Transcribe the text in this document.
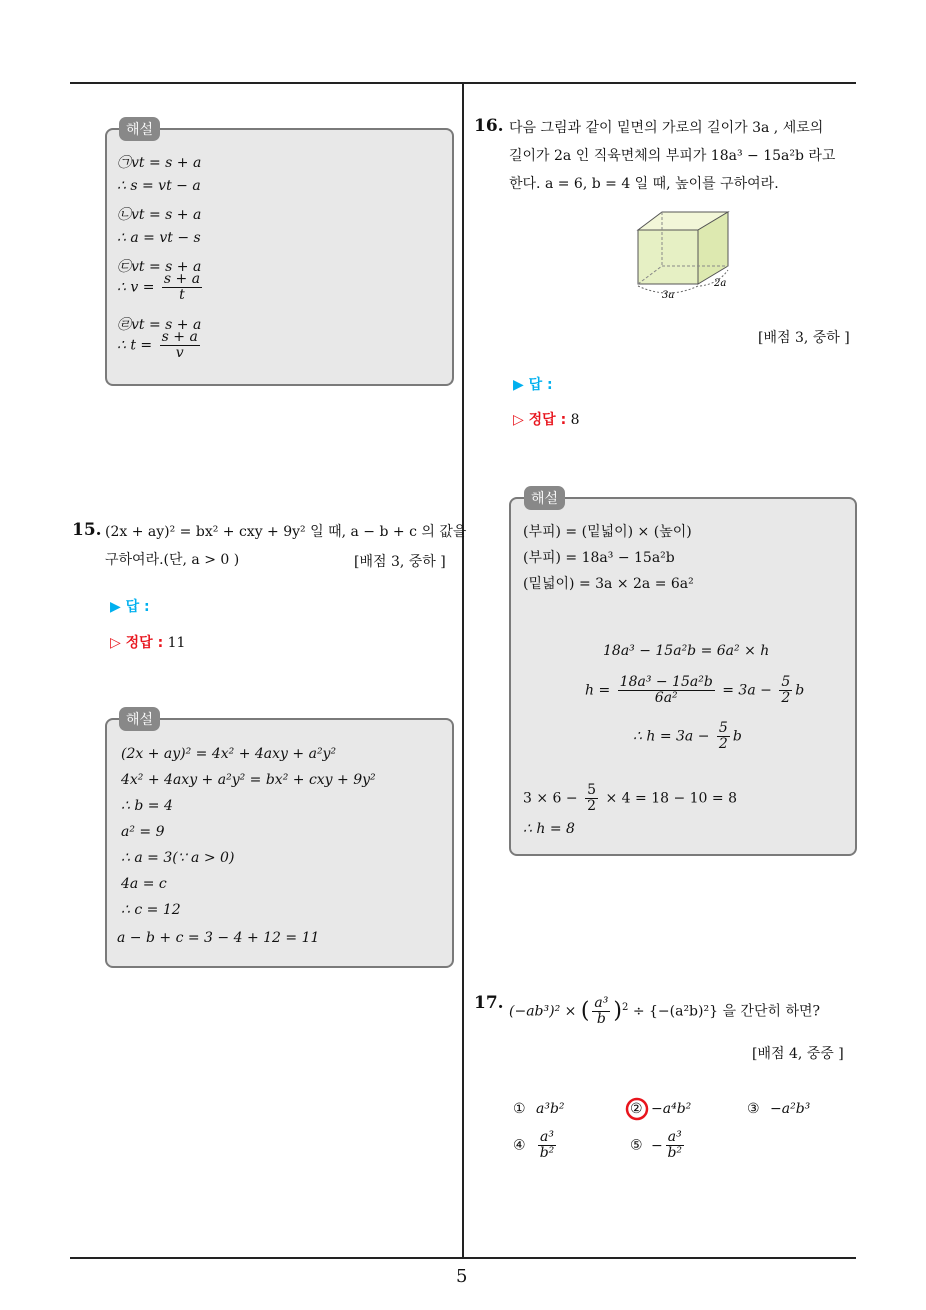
5
㉠vt = s + a
∴ s = vt − a
㉡vt = s + a
∴ a = vt − s
㉢vt = s + a
∴ $v = \frac{s + a}{t}$
㉣vt = s + a
∴ $t = \frac{s + a}{v}$
해설
15. (2x + ay)² = bx² + cxy + 9y² 일 때, a − b + c 의 값을
구하여라.(단, a > 0 )	[배점 3, 중하 ]
▶ 답 :
▷ 정답 : 11
(2x + ay)² = 4x² + 4axy + a²y²
4x² + 4axy + a²y² = bx² + cxy + 9y²
∴ b = 4
a² = 9
∴ a = 3(∵ a > 0)
4a = c
∴ c = 12
a − b + c = 3 − 4 + 12 = 11
해설
16. 다음 그림과 같이 밑면의 가로의 길이가 3a , 세로의
길이가 2a 인 직육면체의 부피가 18a³ − 15a²b 라고
한다. a = 6, b = 4 일 때, 높이를 구하여라.
3a
2a
[배점 3, 중하 ]
▶ 답 :
▷ 정답 : 8
(부피) = (밑넓이) × (높이)
(부피) = 18a³ − 15a²b
(밑넓이) = 3a × 2a = 6a²
18a³ − 15a²b = 6a² × h
$h = \frac{\text{18a³ − 15a²b}}{\text{6a²}} = 3a - \frac{5}{2}$ b
∴ $h = 3a - \frac{5}{2}$ b
$3 \times 6 - \frac{5}{2} \times 4 = 18 - 10 = 8$
∴ h = 8
해설
17. (−ab³)² × ( $\frac{\text{a³}}{b} )^2 \div \{-(a^2b)^2\}$ 을 간단히 하면?
[배점 4, 중중 ]
① a³b²	② −a⁴b²	③ −a²b³
④ $\frac{\text{a³}}{\text{b²}}$	⑤ − $\frac{\text{a³}}{\text{b²}}$
